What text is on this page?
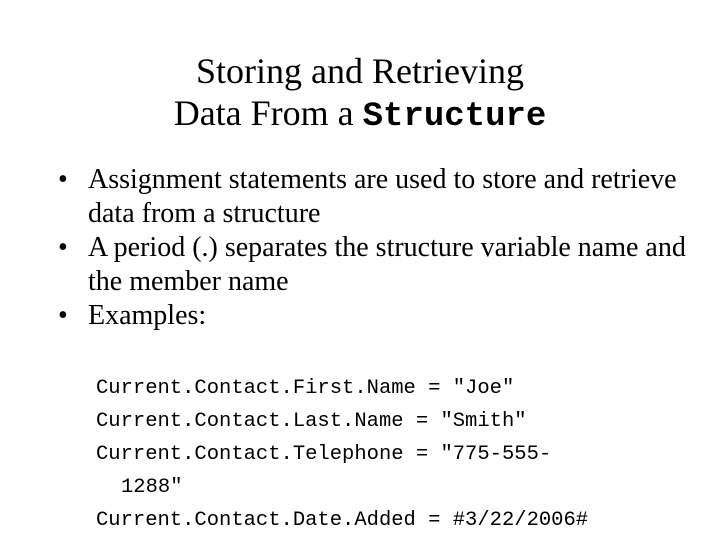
Storing and Retrieving
Data From a Structure
• Assignment statements are used to store and retrieve data from a structure
• A period (.) separates the structure variable name and the member name
• Examples:
Current.Contact.First.Name = "Joe"
Current.Contact.Last.Name = "Smith"
Current.Contact.Telephone = "775-555-
1288"
Current.Contact.Date.Added = #3/22/2006#
